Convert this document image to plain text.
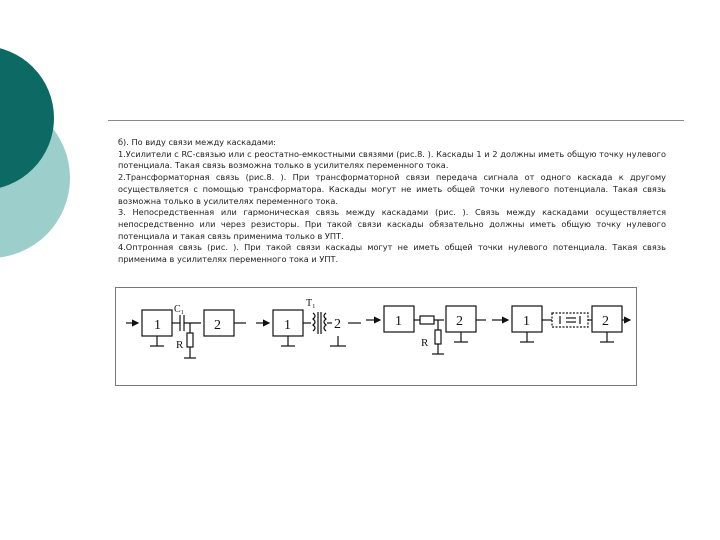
б). По виду связи между каскадами:

1.Усилители с RC-связью или с реостатно-емкостными связями (рис.8. ). Каскады 1 и 2 должны иметь общую точку нулевого потенциала. Такая связь возможна только в усилителях переменного тока.

2.Трансформаторная связь (рис.8. ). При трансформаторной связи передача сигнала от одного каскада к другому осуществляется с помощью трансформатора. Каскады могут не иметь общей точки нулевого потенциала. Такая связь возможна только в усилителях переменного тока.

3. Непосредственная или гармоническая связь между каскадами (рис. ). Связь между каскадами осуществляется непосредственно или через резисторы. При такой связи каскады обязательно должны иметь общую точку нулевого потенциала и такая связь применима только в УПТ.

4.Оптронная связь (рис. ). При такой связи каскады могут не иметь общей точки нулевого потенциала. Такая связь применима в усилителях переменного тока и УПТ.

1
C₁
R
2	1
T₁
2	1
R
2	1	2
